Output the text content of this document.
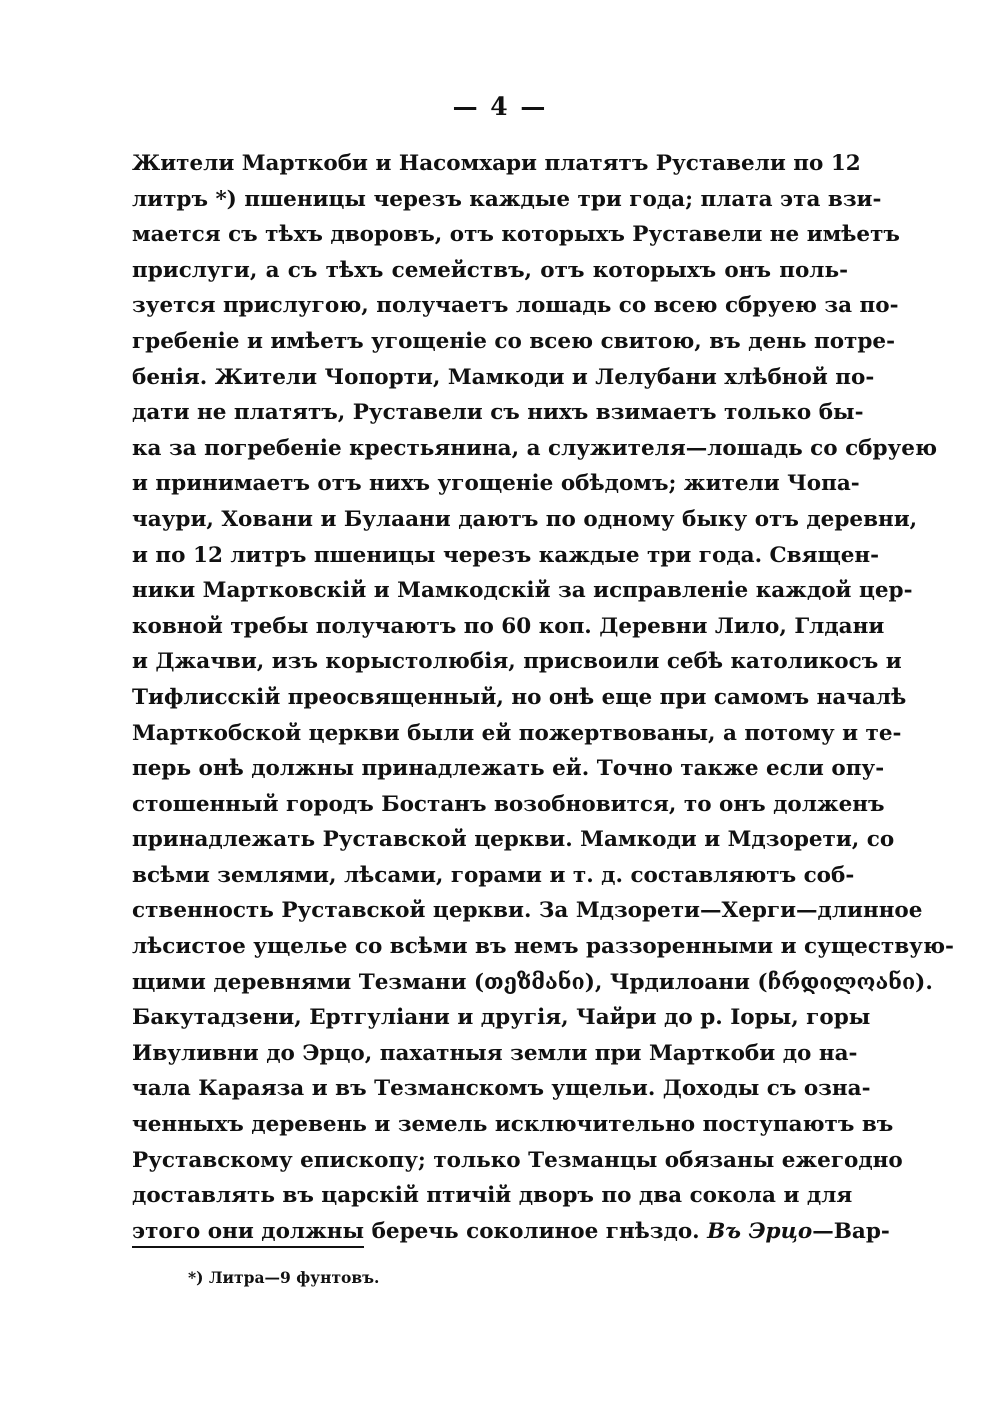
— 4 —
Жители Марткоби и Насомхари платятъ Руставели по 12
литръ *) пшеницы черезъ каждые три года; плата эта взи-
мается съ тѣхъ дворовъ, отъ которыхъ Руставели не имѣетъ
прислуги, а съ тѣхъ семействъ, отъ которыхъ онъ поль-
зуется прислугою, получаетъ лошадь со всею сбруею за по-
гребеніе и имѣетъ угощеніе со всею свитою, въ день потре-
бенія. Жители Чопорти, Мамкоди и Лелубани хлѣбной по-
дати не платятъ, Руставели съ нихъ взимаетъ только бы-
ка за погребеніе крестьянина, а служителя—лошадь со сбруею
и принимаетъ отъ нихъ угощеніе обѣдомъ; жители Чопа-
чаури, Ховани и Булаани даютъ по одному быку отъ деревни,
и по 12 литръ пшеницы черезъ каждые три года. Священ-
ники Мартковскій и Мамкодскій за исправленіе каждой цер-
ковной требы получаютъ по 60 коп. Деревни Лило, Глдани
и Джачви, изъ корыстолюбія, присвоили себѣ католикосъ и
Тифлисскій преосвященный, но онѣ еще при самомъ началѣ
Марткобской церкви были ей пожертвованы, а потому и те-
перь онѣ должны принадлежать ей. Точно также если опу-
стошенный городъ Бостанъ возобновится, то онъ долженъ
принадлежать Руставской церкви. Мамкоди и Мдзорети, со
всѣми землями, лѣсами, горами и т. д. составляютъ соб-
ственность Руставской церкви. За Мдзорети—Херги—длинное
лѣсистое ущелье со всѣми въ немъ раззоренными и существую-
щими деревнями Тезмани (თეზმანი), Чрдилоани (ჩრდილოანი).
Бакутадзени, Ертгуліани и другія, Чайри до р. Іоры, горы
Ивуливни до Эрцо, пахатныя земли при Марткоби до на-
чала Караяза и въ Тезманскомъ ущельи. Доходы съ озна-
ченныхъ деревень и земель исключительно поступаютъ въ
Руставскому епископу; только Тезманцы обязаны ежегодно
доставлять въ царскій птичій дворъ по два сокола и для
этого они должны беречь соколиное гнѣздо. Въ Эрцо—Вар-
*) Литра—9 фунтовъ.
